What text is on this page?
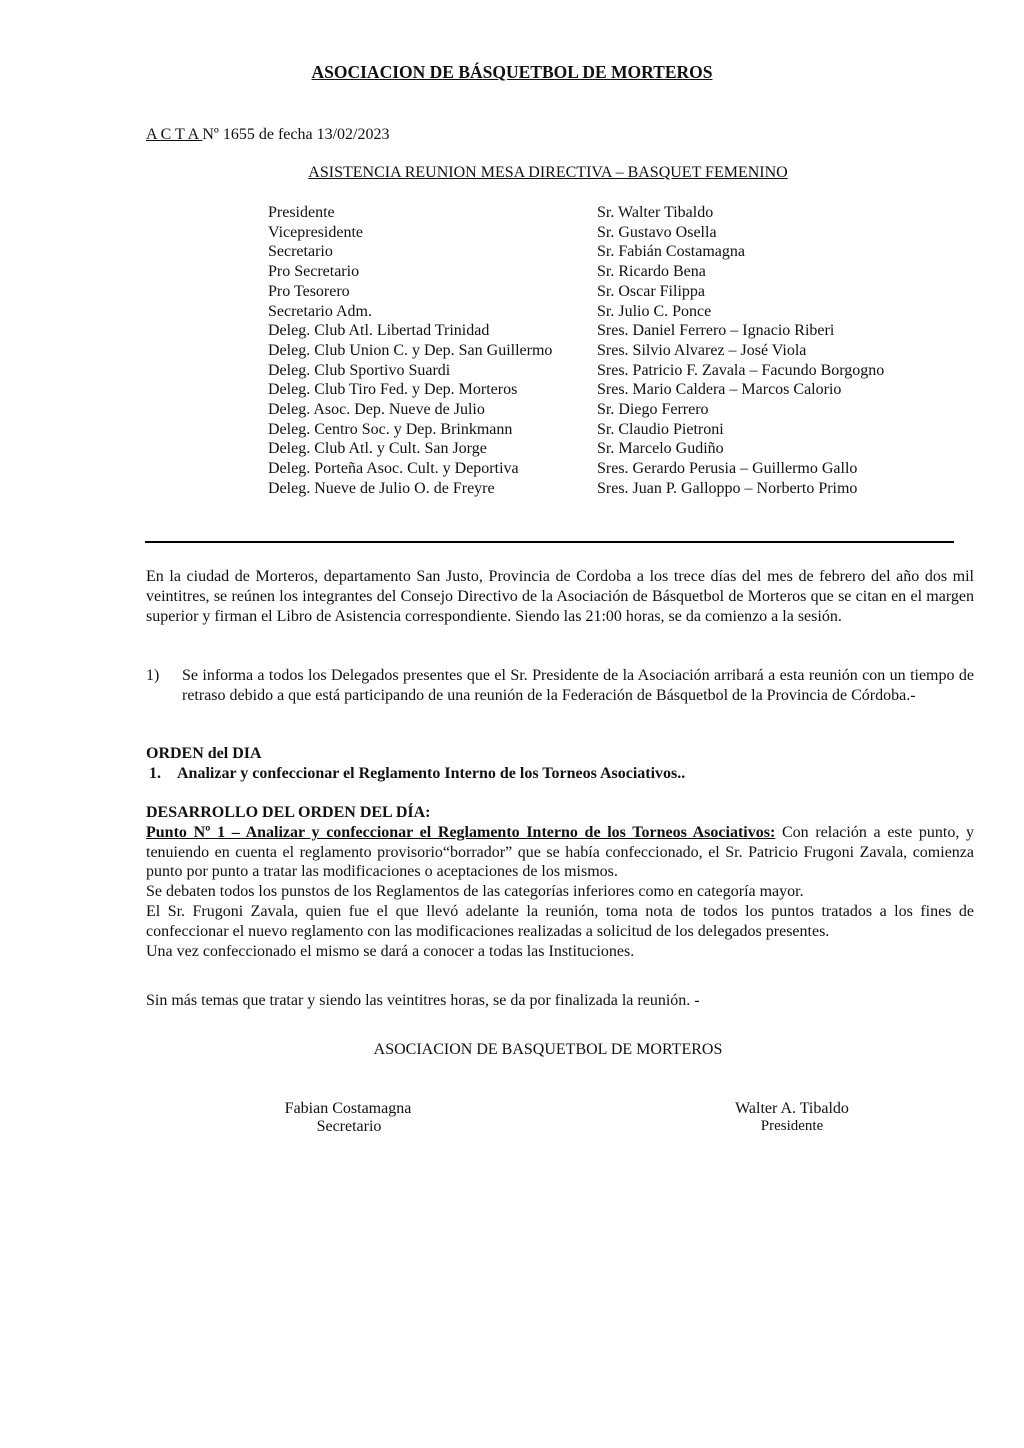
ASOCIACION DE BÁSQUETBOL DE MORTEROS
A C T A Nº 1655 de fecha 13/02/2023
ASISTENCIA REUNION MESA DIRECTIVA – BASQUET FEMENINO
Presidente	Sr. Walter Tibaldo
Vicepresidente	Sr. Gustavo Osella
Secretario	Sr. Fabián Costamagna
Pro Secretario	Sr. Ricardo Bena
Pro Tesorero	Sr. Oscar Filippa
Secretario Adm.	Sr. Julio C. Ponce
Deleg. Club Atl. Libertad Trinidad	Sres. Daniel Ferrero – Ignacio Riberi
Deleg. Club Union C. y Dep. San Guillermo	Sres. Silvio Alvarez – José Viola
Deleg. Club Sportivo Suardi	Sres. Patricio F. Zavala – Facundo Borgogno
Deleg. Club Tiro Fed. y Dep. Morteros	Sres. Mario Caldera – Marcos Calorio
Deleg. Asoc. Dep. Nueve de Julio	Sr. Diego Ferrero
Deleg. Centro Soc. y Dep. Brinkmann	Sr. Claudio Pietroni
Deleg. Club Atl. y Cult. San Jorge	Sr. Marcelo Gudiño
Deleg. Porteña Asoc. Cult. y Deportiva	Sres. Gerardo Perusia – Guillermo Gallo
Deleg. Nueve de Julio O. de Freyre	Sres. Juan P. Galloppo – Norberto Primo
En la ciudad de Morteros, departamento San Justo, Provincia de Cordoba a los trece días del mes de febrero del año dos mil veintitres, se reúnen los integrantes del Consejo Directivo de la Asociación de Básquetbol de Morteros que se citan en el margen superior y firman el Libro de Asistencia correspondiente. Siendo las 21:00 horas, se da comienzo a la sesión.
1)	Se informa a todos los Delegados presentes que el Sr. Presidente de la Asociación arribará a esta reunión con un tiempo de retraso debido a que está participando de una reunión de la Federación de Básquetbol de la Provincia de Córdoba.-
ORDEN del DIA
1. Analizar y confeccionar el Reglamento Interno de los Torneos Asociativos..
DESARROLLO DEL ORDEN DEL DÍA:
Punto Nº 1 – Analizar y confeccionar el Reglamento Interno de los Torneos Asociativos: Con relación a este punto, y tenuiendo en cuenta el reglamento provisorio“borrador” que se había confeccionado, el Sr. Patricio Frugoni Zavala, comienza punto por punto a tratar las modificaciones o aceptaciones de los mismos.
Se debaten todos los punstos de los Reglamentos de las categorías inferiores como en categoría mayor.
El Sr. Frugoni Zavala, quien fue el que llevó adelante la reunión, toma nota de todos los puntos tratados a los fines de confeccionar el nuevo reglamento con las modificaciones realizadas a solicitud de los delegados presentes.
Una vez confeccionado el mismo se dará a conocer a todas las Instituciones.
Sin más temas que tratar y siendo las veintitres horas, se da por finalizada la reunión. -
ASOCIACION DE BASQUETBOL DE MORTEROS
Fabian Costamagna
Secretario
Walter A. Tibaldo
Presidente
